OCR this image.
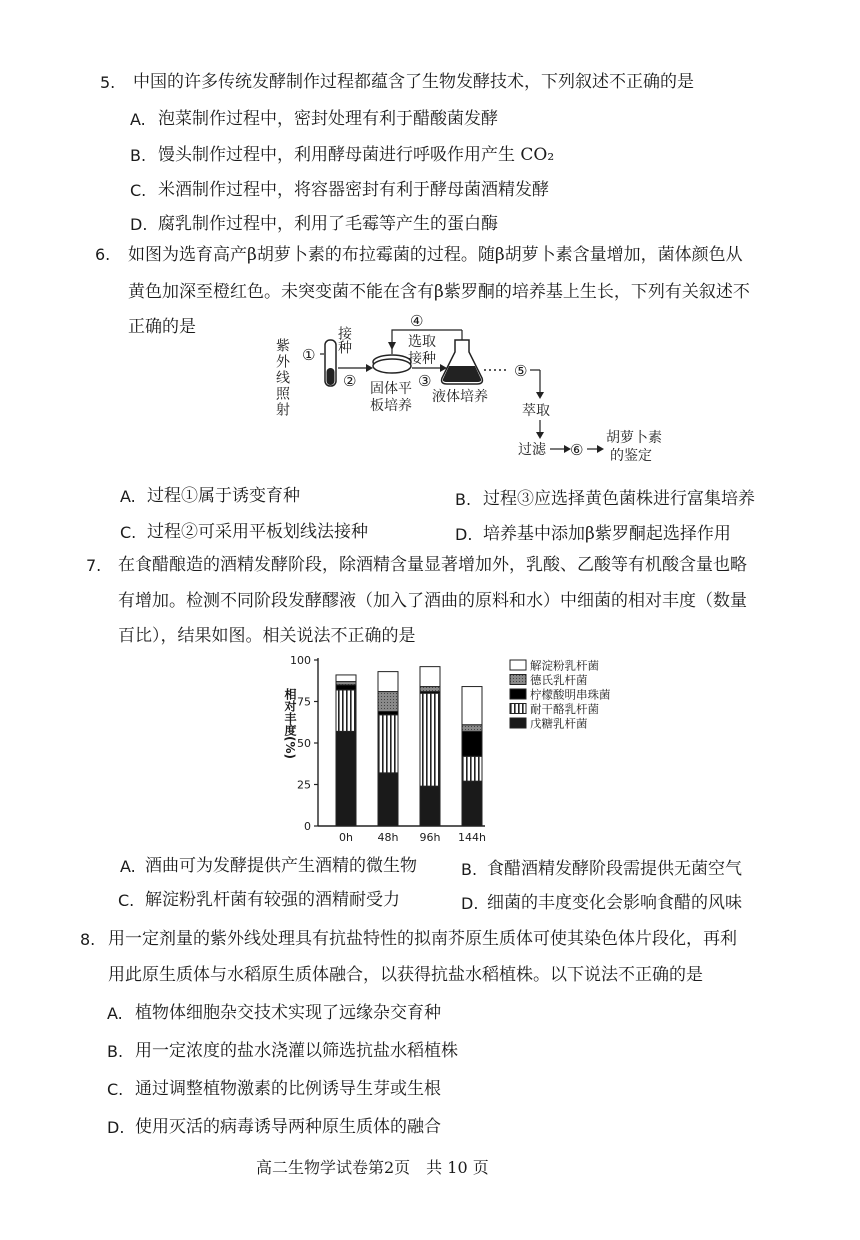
5. 中国的许多传统发酵制作过程都蕴含了生物发酵技术，下列叙述不正确的是
A. 泡菜制作过程中，密封处理有利于醋酸菌发酵
B. 馒头制作过程中，利用酵母菌进行呼吸作用产生 CO₂
C. 米酒制作过程中，将容器密封有利于酵母菌酒精发酵
D. 腐乳制作过程中，利用了毛霉等产生的蛋白酶
6. 如图为选育高产β胡萝卜素的布拉霉菌的过程。随β胡萝卜素含量增加，菌体颜色从
黄色加深至橙红色。未突变菌不能在含有β紫罗酮的培养基上生长，下列有关叙述不
正确的是
紫外线照射 ①
接种
② 固体平
板培养
④
选取
接种
③
液体培养
⑤
萃取
过滤 ⑥
胡萝卜素
的鉴定
A. 过程①属于诱变育种	B. 过程③应选择黄色菌株进行富集培养
C. 过程②可采用平板划线法接种	D. 培养基中添加β紫罗酮起选择作用
7. 在食醋酿造的酒精发酵阶段，除酒精含量显著增加外，乳酸、乙酸等有机酸含量也略
有增加。检测不同阶段发酵醪液（加入了酒曲的原料和水）中细菌的相对丰度（数量
百比），结果如图。相关说法不正确的是
0
25
50
75
100
相对丰度(%)
0h 48h 96h 144h
解淀粉乳杆菌
德氏乳杆菌
柠檬酸明串珠菌
耐干酪乳杆菌
戊糖乳杆菌
A. 酒曲可为发酵提供产生酒精的微生物	B. 食醋酒精发酵阶段需提供无菌空气
C. 解淀粉乳杆菌有较强的酒精耐受力	D. 细菌的丰度变化会影响食醋的风味
8. 用一定剂量的紫外线处理具有抗盐特性的拟南芥原生质体可使其染色体片段化，再利
用此原生质体与水稻原生质体融合，以获得抗盐水稻植株。以下说法不正确的是
A. 植物体细胞杂交技术实现了远缘杂交育种
B. 用一定浓度的盐水浇灌以筛选抗盐水稻植株
C. 通过调整植物激素的比例诱导生芽或生根
D. 使用灭活的病毒诱导两种原生质体的融合
高二生物学试卷第2页　共 10 页
